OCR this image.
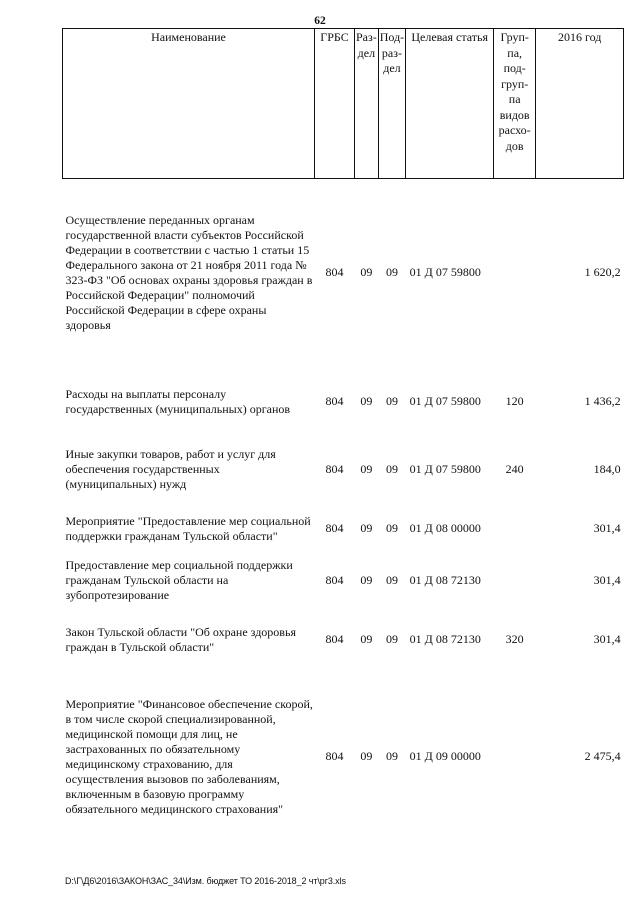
62
Наименование	ГРБС	Раз- дел	Под- раз- дел	Целевая статья	Груп- па, под- груп- па видов расхо- дов	2016 год
Осуществление переданных органам государственной власти субъектов Российской Федерации в соответствии с частью 1 статьи 15 Федерального закона от 21 ноября 2011 года № 323-ФЗ "Об основах охраны здоровья граждан в Российской Федерации" полномочий Российской Федерации в сфере охраны здоровья	804	09	09	01 Д 07 59800		1 620,2
Расходы на выплаты персоналу государственных (муниципальных) органов	804	09	09	01 Д 07 59800	120	1 436,2
Иные закупки товаров, работ и услуг для обеспечения государственных (муниципальных) нужд	804	09	09	01 Д 07 59800	240	184,0
Мероприятие "Предоставление мер социальной поддержки гражданам Тульской области"	804	09	09	01 Д 08 00000		301,4
Предоставление мер социальной поддержки гражданам Тульской области на зубопротезирование	804	09	09	01 Д 08 72130		301,4
Закон Тульской области "Об охране здоровья граждан в Тульской области"	804	09	09	01 Д 08 72130	320	301,4
Мероприятие "Финансовое обеспечение скорой, в том числе скорой специализированной, медицинской помощи для лиц, не застрахованных по обязательному медицинскому страхованию, для осуществления вызовов по заболеваниям, включенным в базовую программу обязательного медицинского страхования"	804	09	09	01 Д 09 00000		2 475,4
D:\Г\Д6\2016\ЗАКОН\ЗАС_34\Изм. бюджет ТО 2016-2018_2 чт\рг3.xls
